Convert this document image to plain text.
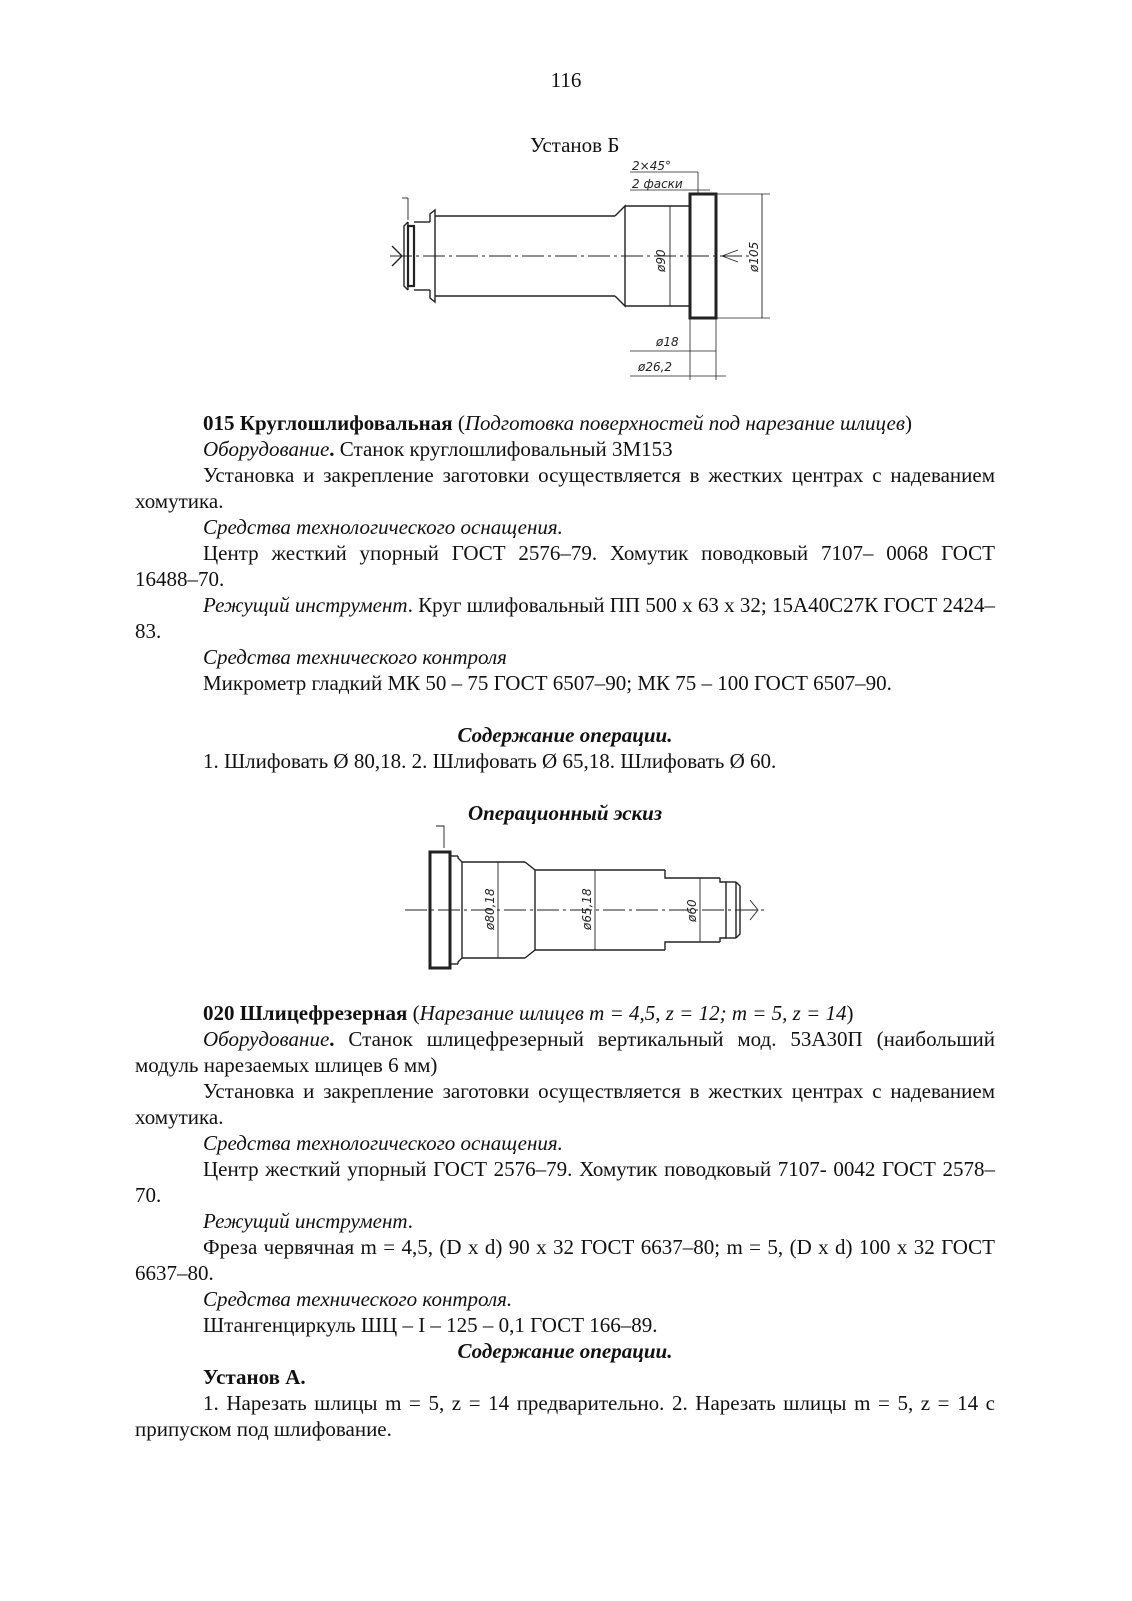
116
Установ Б
2×45°
2 фаски
ø90	ø105
ø18
ø26,2
015 Круглошлифовальная (Подготовка поверхностей под нарезание шлицев)
Оборудование. Станок круглошлифовальный 3М153
Установка и закрепление заготовки осуществляется в жестких центрах с надеванием хомутика.
Средства технологического оснащения.
Центр жесткий упорный ГОСТ 2576–79. Хомутик поводковый 7107– 0068 ГОСТ 16488–70.
Режущий инструмент. Круг шлифовальный ПП 500 х 63 х 32; 15А40С27К ГОСТ 2424–83.
Средства технического контроля
Микрометр гладкий МК 50 – 75 ГОСТ 6507–90; МК 75 – 100 ГОСТ 6507–90.
Содержание операции.
1. Шлифовать Ø 80,18. 2. Шлифовать Ø 65,18. Шлифовать Ø 60.
Операционный эскиз
ø80,18	ø65,18	ø60
020 Шлицефрезерная (Нарезание шлицев m = 4,5, z = 12; m = 5, z = 14)
Оборудование. Станок шлицефрезерный вертикальный мод. 53А30П (наибольший модуль нарезаемых шлицев 6 мм)
Установка и закрепление заготовки осуществляется в жестких центрах с надеванием хомутика.
Средства технологического оснащения.
Центр жесткий упорный ГОСТ 2576–79. Хомутик поводковый 7107- 0042 ГОСТ 2578–70.
Режущий инструмент.
Фреза червячная m = 4,5, (D x d) 90 х 32 ГОСТ 6637–80; m = 5, (D x d) 100 х 32 ГОСТ 6637–80.
Средства технического контроля.
Штангенциркуль ШЦ – I – 125 – 0,1 ГОСТ 166–89.
Содержание операции.
Установ А.
1. Нарезать шлицы m = 5, z = 14 предварительно. 2. Нарезать шлицы m = 5, z = 14 с припуском под шлифование.
